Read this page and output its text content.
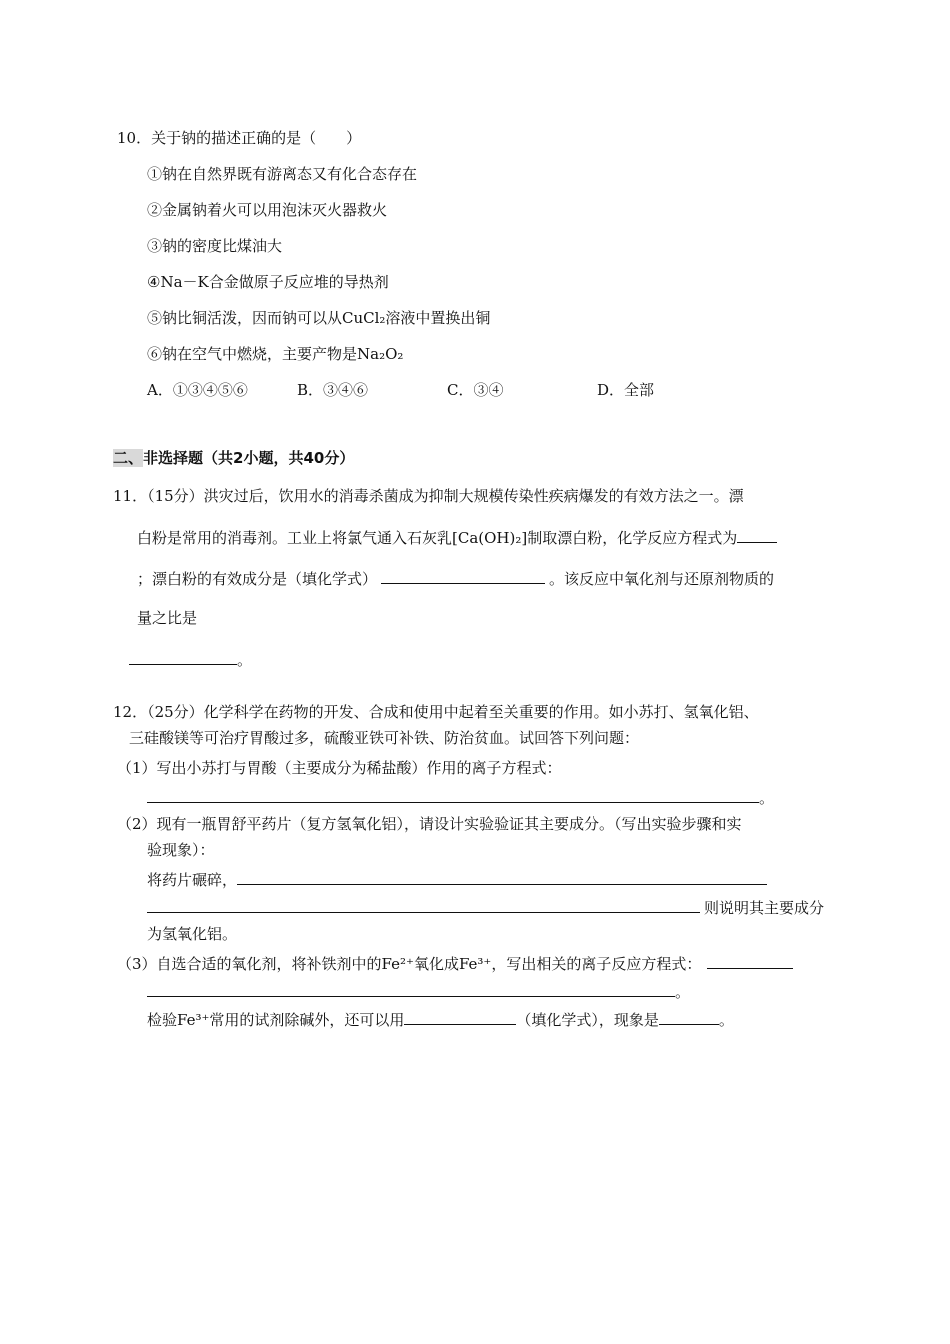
10．关于钠的描述正确的是（　　）
①钠在自然界既有游离态又有化合态存在
②金属钠着火可以用泡沫灭火器救火
③钠的密度比煤油大
④Na－K合金做原子反应堆的导热剂
⑤钠比铜活泼，因而钠可以从CuCl₂溶液中置换出铜
⑥钠在空气中燃烧，主要产物是Na₂O₂
A．①③④⑤⑥	B．③④⑥	C．③④	D．全部
二、非选择题（共2小题，共40分）
11．（15分）洪灾过后，饮用水的消毒杀菌成为抑制大规模传染性疾病爆发的有效方法之一。漂
白粉是常用的消毒剂。工业上将氯气通入石灰乳[Ca(OH)₂]制取漂白粉，化学反应方程式为
；漂白粉的有效成分是（填化学式）	。该反应中氧化剂与还原剂物质的
量之比是
。
12．（25分）化学科学在药物的开发、合成和使用中起着至关重要的作用。如小苏打、氢氧化铝、
三硅酸镁等可治疗胃酸过多，硫酸亚铁可补铁、防治贫血。试回答下列问题：
（1）写出小苏打与胃酸（主要成分为稀盐酸）作用的离子方程式：
。
（2）现有一瓶胃舒平药片（复方氢氧化铝），请设计实验验证其主要成分。（写出实验步骤和实
验现象）：
将药片碾碎，
则说明其主要成分
为氢氧化铝。
（3）自选合适的氧化剂，将补铁剂中的Fe²⁺氧化成Fe³⁺，写出相关的离子反应方程式：
。
检验Fe³⁺常用的试剂除碱外，还可以用	（填化学式），现象是	。
